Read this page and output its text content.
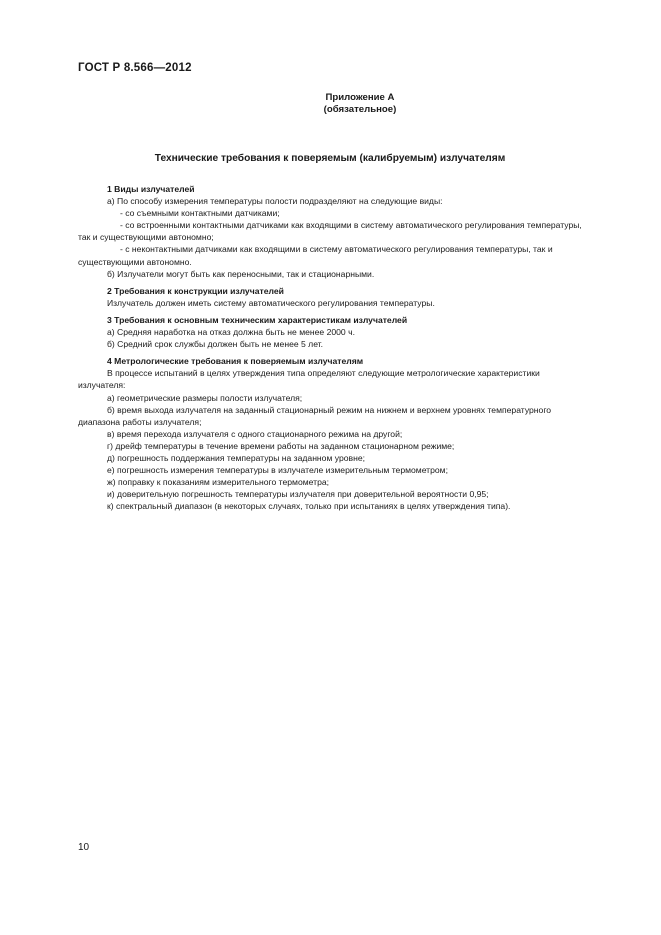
ГОСТ Р 8.566—2012
Приложение А
(обязательное)
Технические требования к поверяемым (калибруемым) излучателям

1 Виды излучателей

а) По способу измерения температуры полости подразделяют на следующие виды:

- со съемными контактными датчиками;

- со встроенными контактными датчиками как входящими в систему автоматического регулирования температуры, так и существующими автономно;

- с неконтактными датчиками как входящими в систему автоматического регулирования температуры, так и существующими автономно.

б) Излучатели могут быть как переносными, так и стационарными.

2 Требования к конструкции излучателей

Излучатель должен иметь систему автоматического регулирования температуры.

3 Требования к основным техническим характеристикам излучателей

а) Средняя наработка на отказ должна быть не менее 2000 ч.

б) Средний срок службы должен быть не менее 5 лет.

4 Метрологические требования к поверяемым излучателям

В процессе испытаний в целях утверждения типа определяют следующие метрологические характеристики излучателя:

а) геометрические размеры полости излучателя;

б) время выхода излучателя на заданный стационарный режим на нижнем и верхнем уровнях температурного диапазона работы излучателя;

в) время перехода излучателя с одного стационарного режима на другой;

г) дрейф температуры в течение времени работы на заданном стационарном режиме;

д) погрешность поддержания температуры на заданном уровне;

е) погрешность измерения температуры в излучателе измерительным термометром;

ж) поправку к показаниям измерительного термометра;

и) доверительную погрешность температуры излучателя при доверительной вероятности 0,95;

к) спектральный диапазон (в некоторых случаях, только при испытаниях в целях утверждения типа).

10
